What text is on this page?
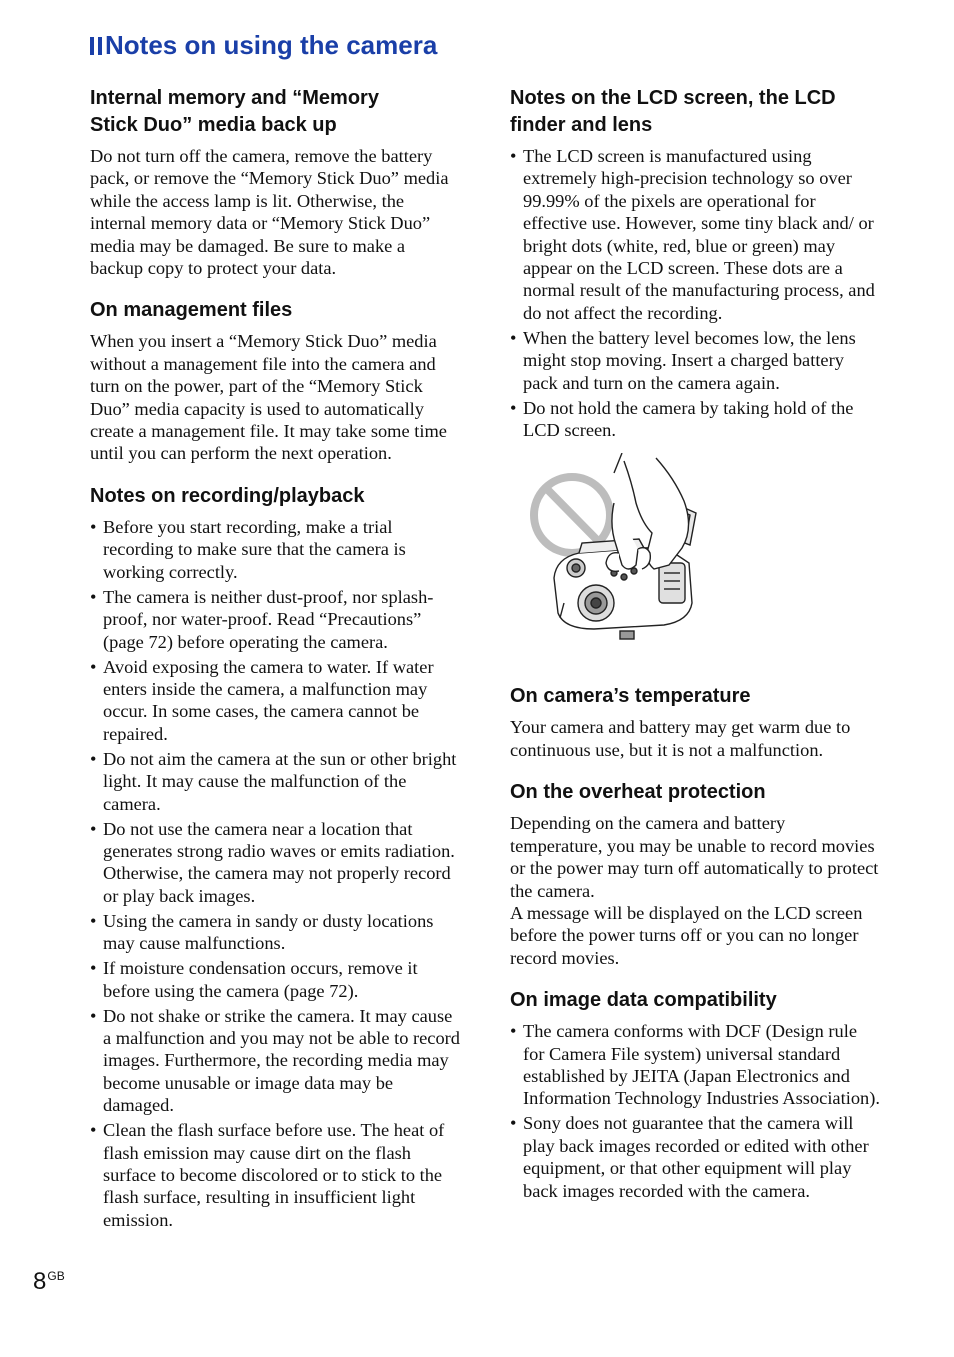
Notes on using the camera
Internal memory and “Memory
Stick Duo” media back up

Do not turn off the camera, remove the battery pack, or remove the “Memory Stick Duo” media while the access lamp is lit. Otherwise, the internal memory data or “Memory Stick Duo” media may be damaged. Be sure to make a backup copy to protect your data.

On management files

When you insert a “Memory Stick Duo” media without a management file into the camera and turn on the power, part of the “Memory Stick Duo” media capacity is used to automatically create a management file. It may take some time until you can perform the next operation.

Notes on recording/playback
• Before you start recording, make a trial recording to make sure that the camera is working correctly.
• The camera is neither dust-proof, nor splash-proof, nor water-proof. Read “Precautions” (page 72) before operating the camera.
• Avoid exposing the camera to water. If water enters inside the camera, a malfunction may occur. In some cases, the camera cannot be repaired.
• Do not aim the camera at the sun or other bright light. It may cause the malfunction of the camera.
• Do not use the camera near a location that generates strong radio waves or emits radiation. Otherwise, the camera may not properly record or play back images.
• Using the camera in sandy or dusty locations may cause malfunctions.
• If moisture condensation occurs, remove it before using the camera (page 72).
• Do not shake or strike the camera. It may cause a malfunction and you may not be able to record images. Furthermore, the recording media may become unusable or image data may be damaged.
• Clean the flash surface before use. The heat of flash emission may cause dirt on the flash surface to become discolored or to stick to the flash surface, resulting in insufficient light emission.
Notes on the LCD screen, the LCD
finder and lens
• The LCD screen is manufactured using extremely high-precision technology so over 99.99% of the pixels are operational for effective use. However, some tiny black and/ or bright dots (white, red, blue or green) may appear on the LCD screen. These dots are a normal result of the manufacturing process, and do not affect the recording.
• When the battery level becomes low, the lens might stop moving. Insert a charged battery pack and turn on the camera again.
• Do not hold the camera by taking hold of the LCD screen.
On camera’s temperature

Your camera and battery may get warm due to continuous use, but it is not a malfunction.

On the overheat protection

Depending on the camera and battery temperature, you may be unable to record movies or the power may turn off automatically to protect the camera.

A message will be displayed on the LCD screen before the power turns off or you can no longer record movies.

On image data compatibility
• The camera conforms with DCF (Design rule for Camera File system) universal standard established by JEITA (Japan Electronics and Information Technology Industries Association).
• Sony does not guarantee that the camera will play back images recorded or edited with other equipment, or that other equipment will play back images recorded with the camera.
$8^{GB}$
